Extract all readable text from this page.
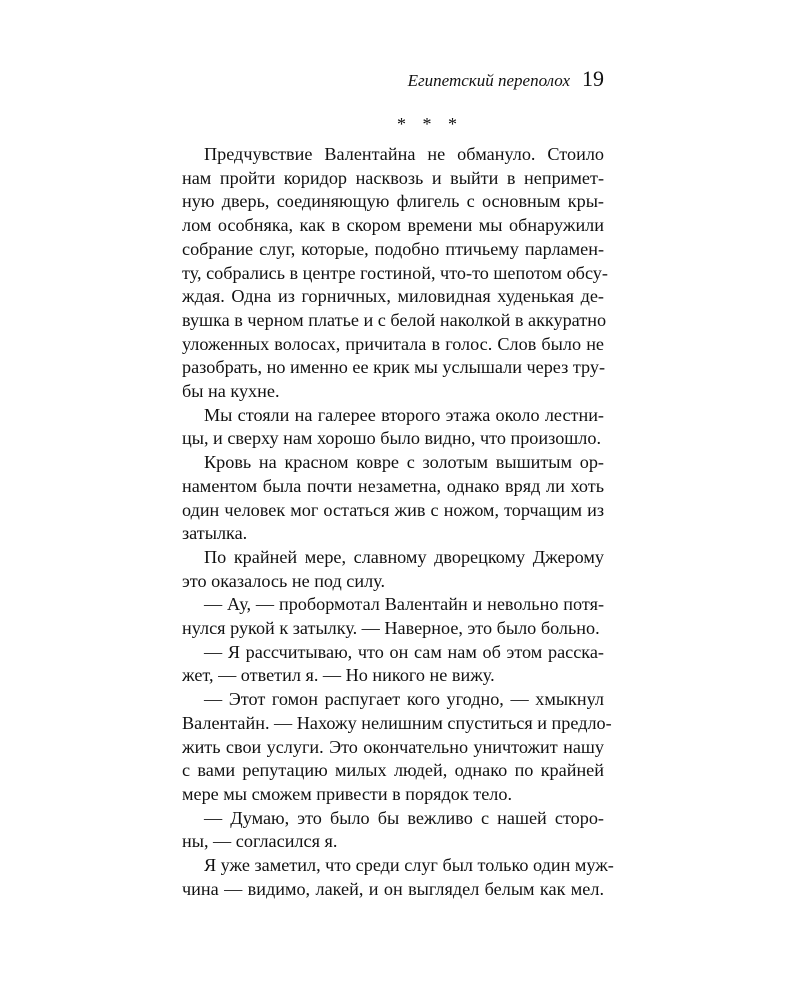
Египетский переполох 19
* * *
Предчувствие Валентайна не обмануло. Стоило
нам пройти коридор насквозь и выйти в непримет-
ную дверь, соединяющую флигель с основным кры-
лом особняка, как в скором времени мы обнаружили
собрание слуг, которые, подобно птичьему парламен-
ту, собрались в центре гостиной, что-то шепотом обсу-
ждая. Одна из горничных, миловидная худенькая де-
вушка в черном платье и с белой наколкой в аккуратно
уложенных волосах, причитала в голос. Слов было не
разобрать, но именно ее крик мы услышали через тру-
бы на кухне.
Мы стояли на галерее второго этажа около лестни-
цы, и сверху нам хорошо было видно, что произошло.
Кровь на красном ковре с золотым вышитым ор-
наментом была почти незаметна, однако вряд ли хоть
один человек мог остаться жив с ножом, торчащим из
затылка.
По крайней мере, славному дворецкому Джерому
это оказалось не под силу.
— Ау, — пробормотал Валентайн и невольно потя-
нулся рукой к затылку. — Наверное, это было больно.
— Я рассчитываю, что он сам нам об этом расска-
жет, — ответил я. — Но никого не вижу.
— Этот гомон распугает кого угодно, — хмыкнул
Валентайн. — Нахожу нелишним спуститься и предло-
жить свои услуги. Это окончательно уничтожит нашу
с вами репутацию милых людей, однако по крайней
мере мы сможем привести в порядок тело.
— Думаю, это было бы вежливо с нашей сторо-
ны, — согласился я.
Я уже заметил, что среди слуг был только один муж-
чина — видимо, лакей, и он выглядел белым как мел.
